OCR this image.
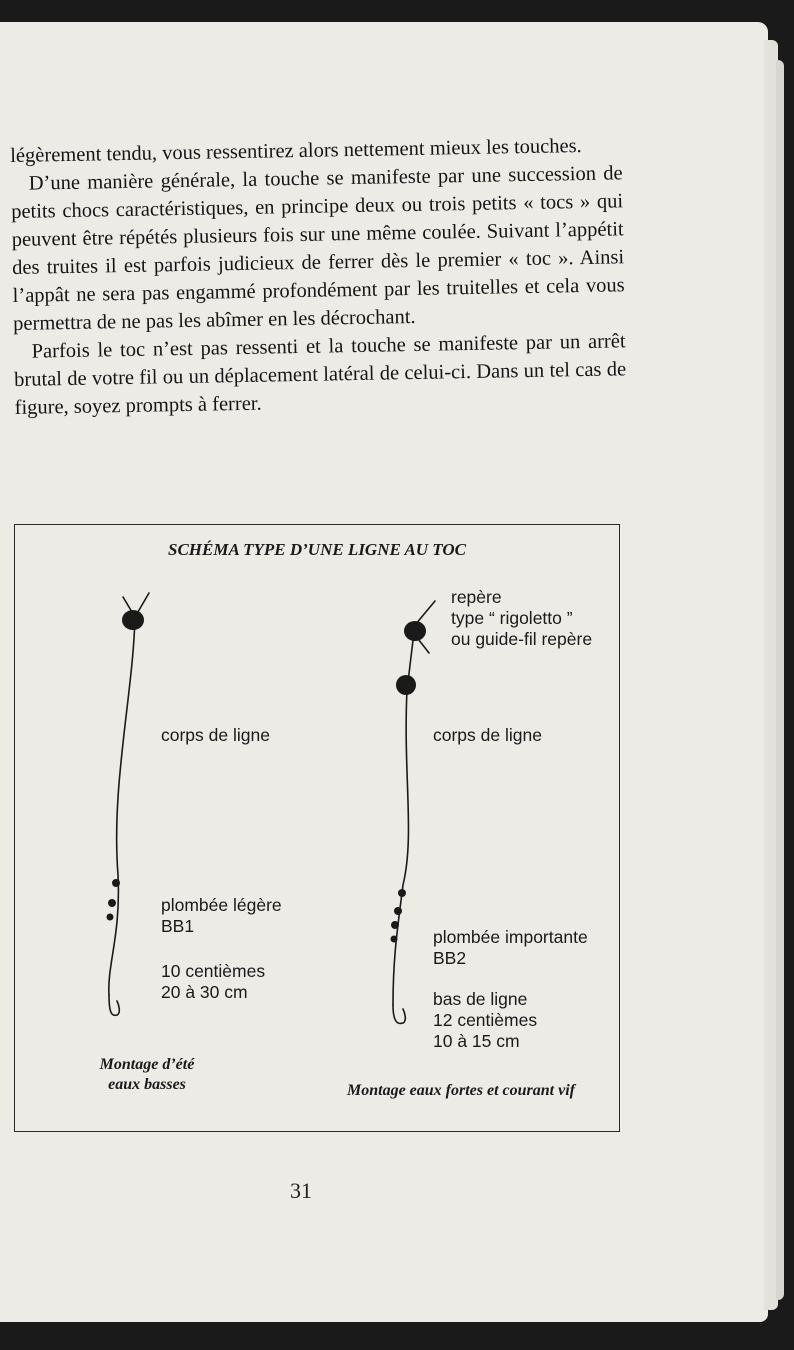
légèrement tendu, vous ressentirez alors nettement mieux les touches.

D’une manière générale, la touche se manifeste par une succession de petits chocs caractéristiques, en principe deux ou trois petits « tocs » qui peuvent être répétés plusieurs fois sur une même coulée. Suivant l’appétit des truites il est parfois judicieux de ferrer dès le premier « toc ». Ainsi l’appât ne sera pas engammé profondément par les truitelles et cela vous permettra de ne pas les abîmer en les décrochant.

Parfois le toc n’est pas ressenti et la touche se manifeste par un arrêt brutal de votre fil ou un déplacement latéral de celui-ci. Dans un tel cas de figure, soyez prompts à ferrer.

SCHÉMA TYPE D’UNE LIGNE AU TOC
corps de ligne
plombée légère
BB1
10 centièmes
20 à 30 cm
repère
type “ rigoletto ”
ou guide-fil repère
corps de ligne
plombée importante
BB2
bas de ligne
12 centièmes
10 à 15 cm
Montage d’été
eaux basses	Montage eaux fortes et courant vif
31
